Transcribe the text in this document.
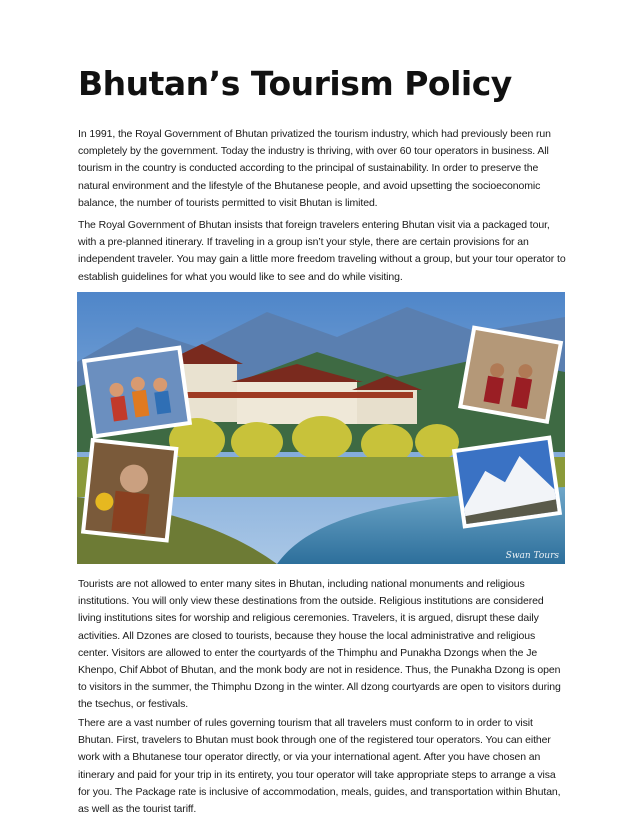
Bhutan’s Tourism Policy

In 1991, the Royal Government of Bhutan privatized the tourism industry, which had previously been run completely by the government. Today the industry is thriving, with over 60 tour operators in business. All tourism in the country is conducted according to the principal of sustainability. In order to preserve the natural environment and the lifestyle of the Bhutanese people, and avoid upsetting the socioeconomic balance, the number of tourists permitted to visit Bhutan is limited.

The Royal Government of Bhutan insists that foreign travelers entering Bhutan visit via a packaged tour, with a pre-planned itinerary. If traveling in a group isn’t your style, there are certain provisions for an independent traveler. You may gain a little more freedom traveling without a group, but your tour operator to establish guidelines for what you would like to see and do while visiting.

Tourists are not allowed to enter many sites in Bhutan, including national monuments and religious institutions. You will only view these destinations from the outside. Religious institutions are considered living institutions sites for worship and religious ceremonies. Travelers, it is argued, disrupt these daily activities. All Dzones are closed to tourists, because they house the local administrative and religious center. Visitors are allowed to enter the courtyards of the Thimphu and Punakha Dzongs when the Je Khenpo, Chif Abbot of Bhutan, and the monk body are not in residence. Thus, the Punakha Dzong is open to visitors in the summer, the Thimphu Dzong in the winter. All dzong courtyards are open to visitors during the tsechus, or festivals.

There are a vast number of rules governing tourism that all travelers must conform to in order to visit Bhutan. First, travelers to Bhutan must book through one of the registered tour operators. You can either work with a Bhutanese tour operator directly, or via your international agent. After you have chosen an itinerary and paid for your trip in its entirety, you tour operator will take appropriate steps to arrange a visa for you. The Package rate is inclusive of accommodation, meals, guides, and transportation within Bhutan, as well as the tourist tariff.

Swan Tours
